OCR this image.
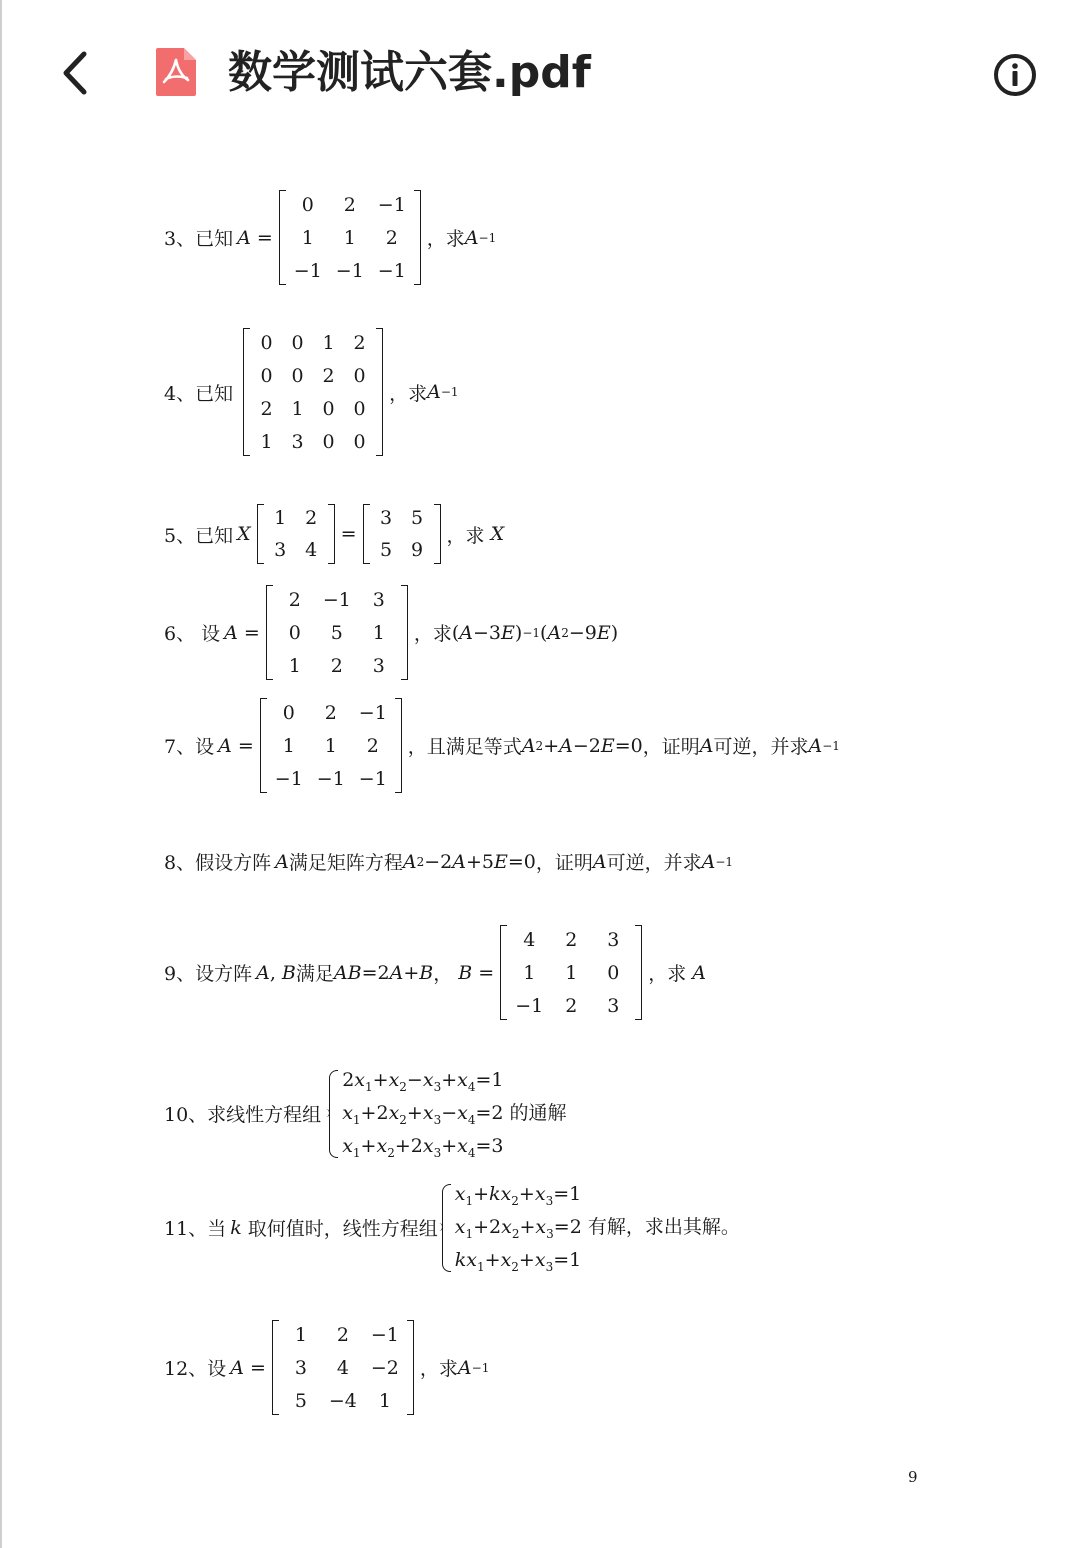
数学测试六套.pdf
3、已知 A =
0	2	−1
1	1	2
−1	−1	−1
，求 A −1
4、已知
0	0	1	2
0	0	2	0
2	1	0	0
1	3	0	0
，求 A −1
5、已知 X
1	2
3	4
=
3	5
5	9
，求
X
6、 设 A =
2	−1	3
0	5	1
1	2	3
，求 ( A −3 E ) −1 ( A 2 −9 E )
7、设 A =
0	2	−1
1	1	2
−1	−1	−1
，且满足等式 A 2 + A −2 E =0 ，证明 A 可逆，并求 A −1
8、假设方阵 A 满足矩阵方程 A 2 −2 A +5 E =0 ，证明 A 可逆，并求 A −1
9、设方阵 A , B 满足 AB =2 A + B ，
B =
4	2	3
1	1	0
−1	2	3
，求
A
10、求线性方程组
$2x_1+x_2-x_3+x_4=1$
$x_1+2x_2+x_3-x_4=2$ 的通解
$x_1+x_2+2x_3+x_4=3$
11、当 k
取何值时，线性方程组
$x_1+kx_2+x_3=1$
$x_1+2x_2+x_3=2$ 有解，求出其解。
$kx_1+x_2+x_3=1$
12、设 A =
1	2	−1
3	4	−2
5	−4	1
，求 A −1
9
